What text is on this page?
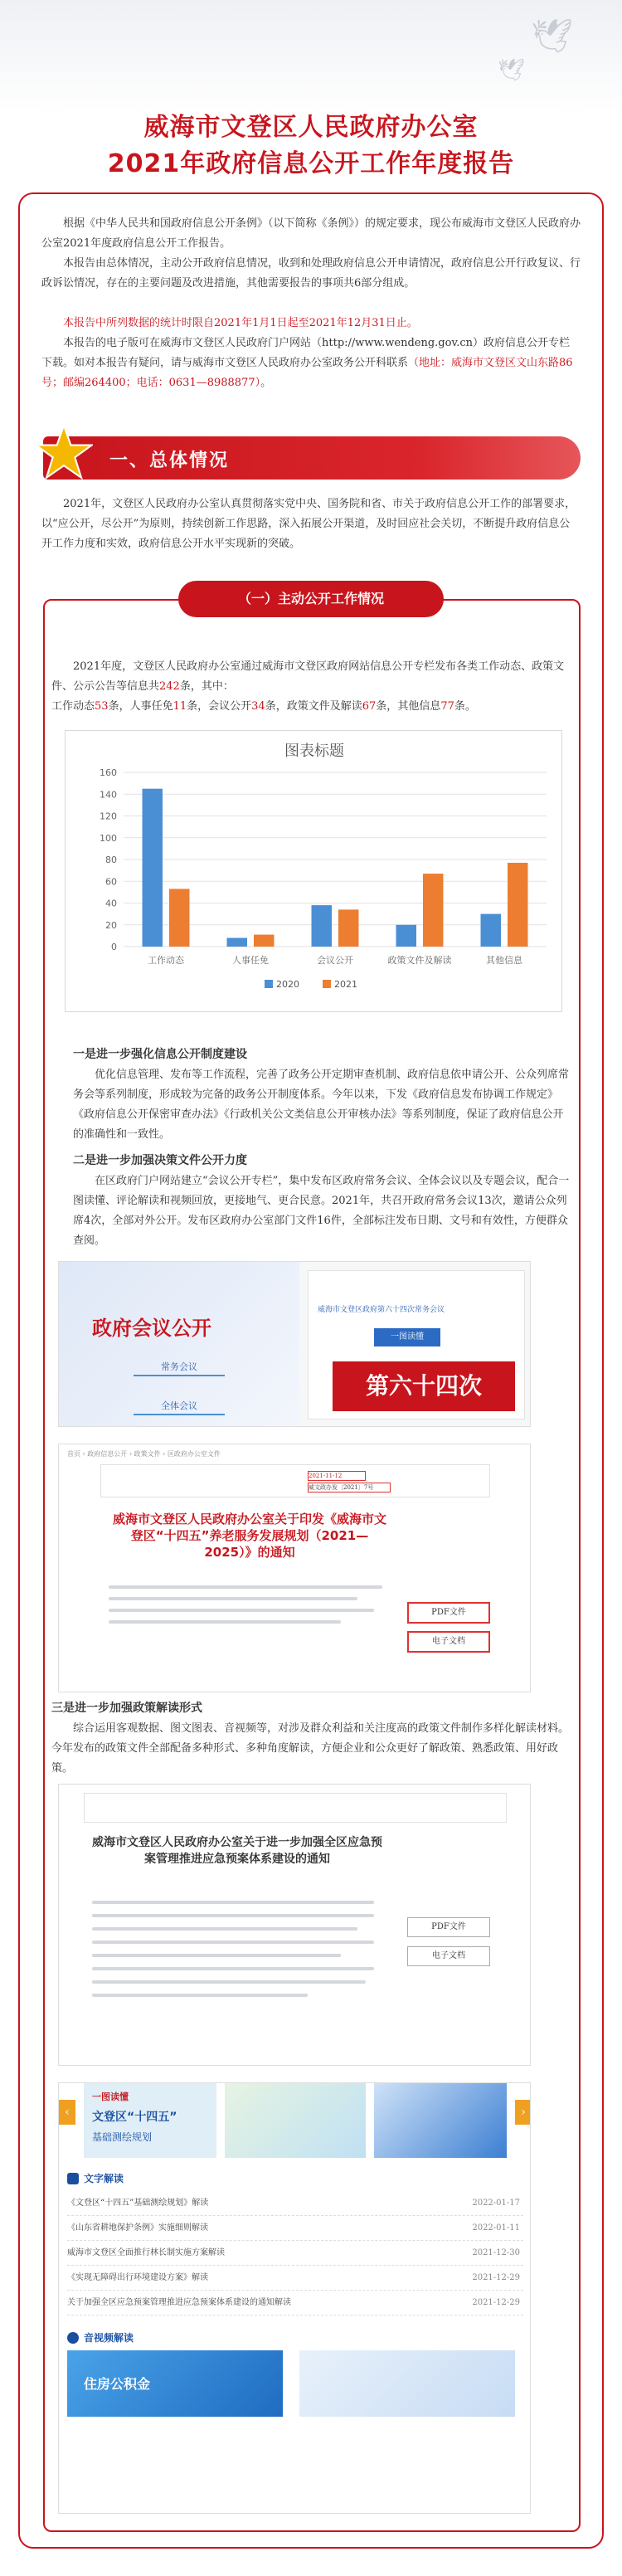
🕊
🕊
威海市文登区人民政府办公室
2021年政府信息公开工作年度报告

根据《中华人民共和国政府信息公开条例》（以下简称《条例》）的规定要求，现公布威海市文登区人民政府办公室2021年度政府信息公开工作报告。

本报告由总体情况，主动公开政府信息情况，收到和处理政府信息公开申请情况，政府信息公开行政复议、行政诉讼情况，存在的主要问题及改进措施，其他需要报告的事项共6部分组成。

本报告中所列数据的统计时限自2021年1月1日起至2021年12月31日止。

本报告的电子版可在威海市文登区人民政府门户网站（http://www.wendeng.gov.cn）政府信息公开专栏下载。如对本报告有疑问，请与威海市文登区人民政府办公室政务公开科联系（地址：威海市文登区文山东路86号；邮编264400；电话：0631—8988877）。

一、总体情况

2021年，文登区人民政府办公室认真贯彻落实党中央、国务院和省、市关于政府信息公开工作的部署要求，以“应公开，尽公开”为原则，持续创新工作思路，深入拓展公开渠道，及时回应社会关切，不断提升政府信息公开工作力度和实效，政府信息公开水平实现新的突破。

（一）主动公开工作情况

2021年度，文登区人民政府办公室通过威海市文登区政府网站信息公开专栏发布各类工作动态、政策文件、公示公告等信息共242条，其中：

工作动态53条，人事任免11条，会议公开34条，政策文件及解读67条，其他信息77条。

图表标题
0
20
40
60
80
100
120
140
160
工作动态	人事任免	会议公开	政策文件及解读	其他信息
2020	2021
一是进一步强化信息公开制度建设

优化信息管理、发布等工作流程，完善了政务公开定期审查机制、政府信息依申请公开、公众列席常务会等系列制度，形成较为完备的政务公开制度体系。今年以来，下发《政府信息发布协调工作规定》《政府信息公开保密审查办法》《行政机关公文类信息公开审核办法》等系列制度，保证了政府信息公开的准确性和一致性。

二是进一步加强决策文件公开力度

在区政府门户网站建立“会议公开专栏”，集中发布区政府常务会议、全体会议以及专题会议，配合一图读懂、评论解读和视频回放，更接地气、更合民意。2021年，共召开政府常务会议13次，邀请公众列席4次，全部对外公开。发布区政府办公室部门文件16件，全部标注发布日期、文号和有效性，方便群众查阅。

政府会议公开
常务会议
全体会议
威海市文登区政府第六十四次常务会议
一图读懂
第六十四次
首页 › 政府信息公开 › 政策文件 › 区政府办公室文件
2021-11-12
威文政办发〔2021〕7号
威海市文登区人民政府办公室关于印发《威海市文登区“十四五”养老服务发展规划（2021—2025）》的通知
PDF文件
电子文档
三是进一步加强政策解读形式

综合运用客观数据、图文图表、音视频等，对涉及群众利益和关注度高的政策文件制作多样化解读材料。今年发布的政策文件全部配备多种形式、多种角度解读，方便企业和公众更好了解政策、熟悉政策、用好政策。

威海市文登区人民政府办公室关于进一步加强全区应急预案管理推进应急预案体系建设的通知
PDF文件
电子文档
‹	›
一图读懂
文登区“十四五”
基础测绘规划
文字解读
《文登区“十四五”基础测绘规划》解读	2022-01-17
《山东省耕地保护条例》实施细则解读	2022-01-11
威海市文登区全面推行林长制实施方案解读	2021-12-30
《实现无障碍出行环境建设方案》解读	2021-12-29
关于加强全区应急预案管理推进应急预案体系建设的通知解读	2021-12-29
音视频解读
住房公积金
